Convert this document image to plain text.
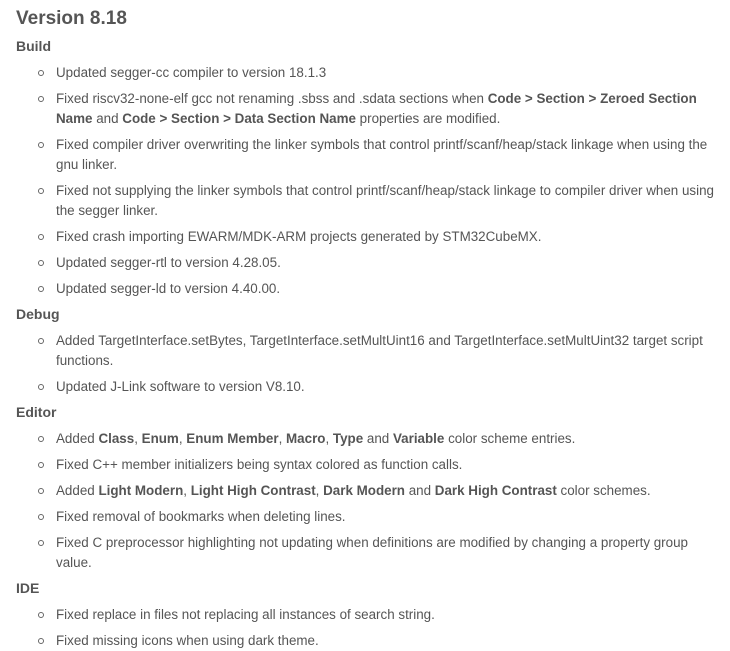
Version 8.18
Build
Updated segger-cc compiler to version 18.1.3
Fixed riscv32-none-elf gcc not renaming .sbss and .sdata sections when Code > Section > Zeroed Section Name and Code > Section > Data Section Name properties are modified.
Fixed compiler driver overwriting the linker symbols that control printf/scanf/heap/stack linkage when using the gnu linker.
Fixed not supplying the linker symbols that control printf/scanf/heap/stack linkage to compiler driver when using the segger linker.
Fixed crash importing EWARM/MDK-ARM projects generated by STM32CubeMX.
Updated segger-rtl to version 4.28.05.
Updated segger-ld to version 4.40.00.
Debug
Added TargetInterface.setBytes, TargetInterface.setMultUint16 and TargetInterface.setMultUint32 target script functions.
Updated J-Link software to version V8.10.
Editor
Added Class, Enum, Enum Member, Macro, Type and Variable color scheme entries.
Fixed C++ member initializers being syntax colored as function calls.
Added Light Modern, Light High Contrast, Dark Modern and Dark High Contrast color schemes.
Fixed removal of bookmarks when deleting lines.
Fixed C preprocessor highlighting not updating when definitions are modified by changing a property group value.
IDE
Fixed replace in files not replacing all instances of search string.
Fixed missing icons when using dark theme.
